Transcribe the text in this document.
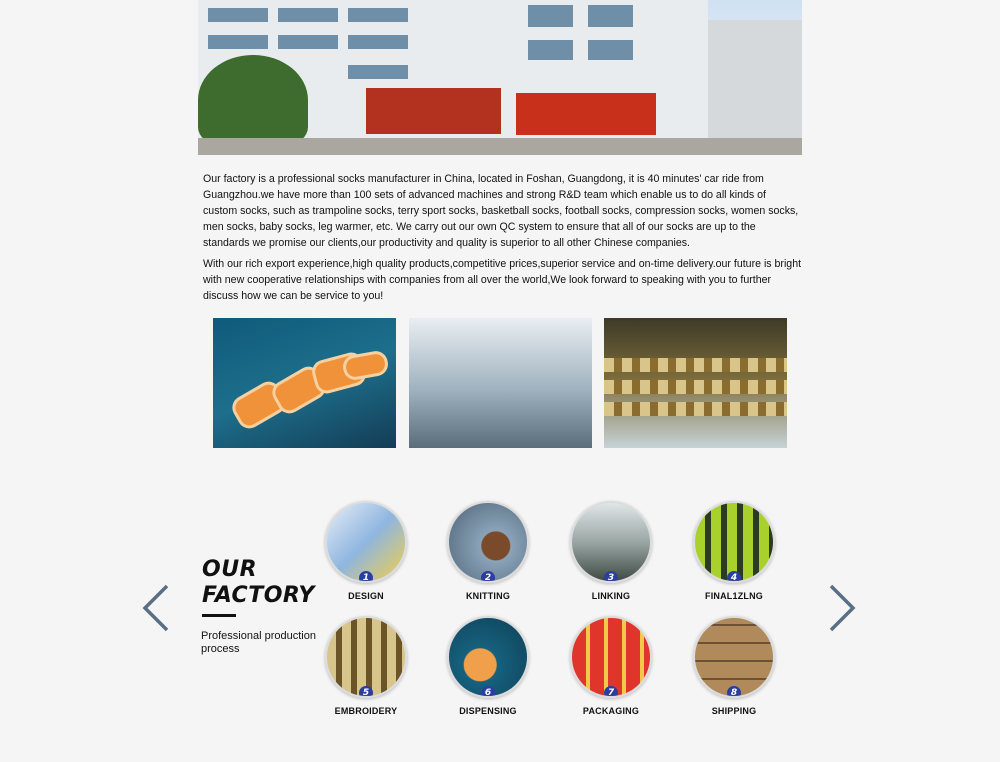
Our factory is a professional socks manufacturer in China, located in Foshan, Guangdong, it is 40 minutes' car ride from Guangzhou.we have more than 100 sets of advanced machines and strong R&D team which enable us to do all kinds of custom socks, such as trampoline socks, terry sport socks, basketball socks, football socks, compression socks, women socks, men socks, baby socks, leg warmer, etc. We carry out our own QC system to ensure that all of our socks are up to the standards we promise our clients,our productivity and quality is superior to all other Chinese companies.

With our rich export experience,high quality products,competitive prices,superior service and on-time delivery.our future is bright with new cooperative relationships with companies from all over the world,We look forward to speaking with you to further discuss how we can be service to you!

OUR
FACTORY
Professional production process
1
DESIGN
2
KNITTING
3
LINKING
4
FINAL1ZLNG
5
EMBROIDERY
6
DISPENSING
7
PACKAGING
8
SHIPPING
